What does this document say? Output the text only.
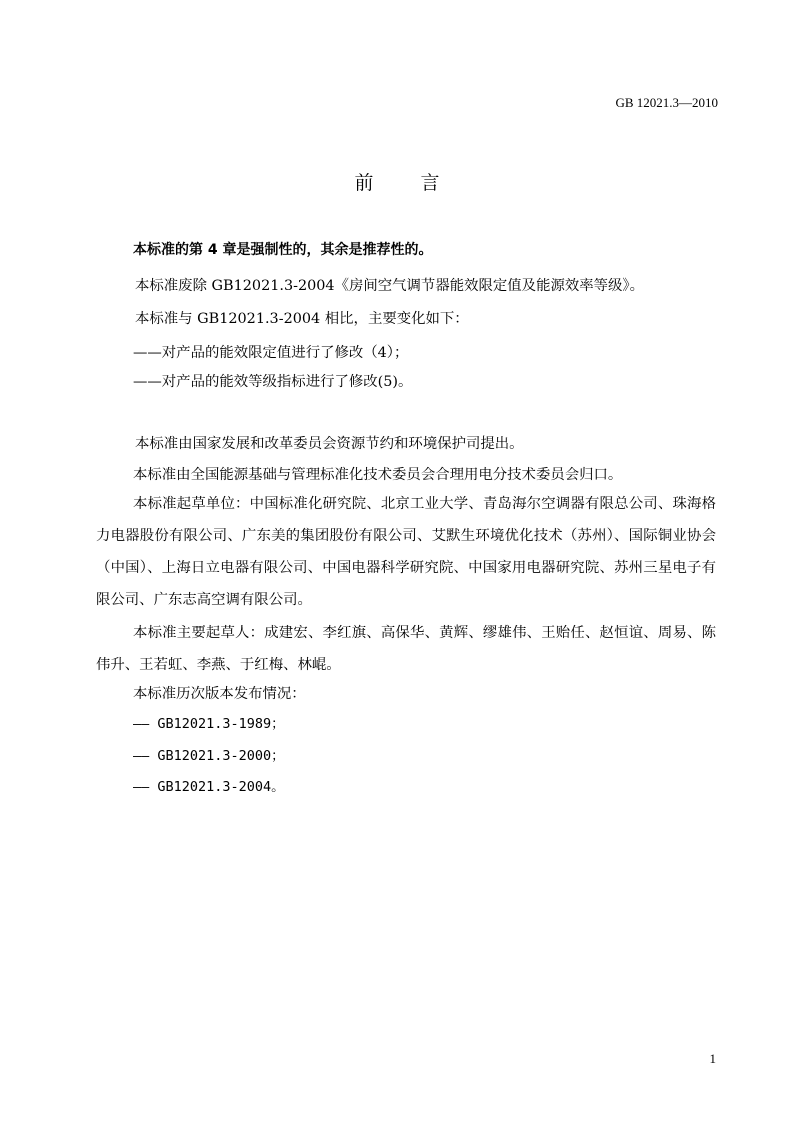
GB 12021.3—2010
前言
本标准的第 4 章是强制性的，其余是推荐性的。
本标准废除 GB12021.3-2004《房间空气调节器能效限定值及能源效率等级》。
本标准与 GB12021.3-2004 相比，主要变化如下：
——对产品的能效限定值进行了修改（4）；
——对产品的能效等级指标进行了修改(5)。
本标准由国家发展和改革委员会资源节约和环境保护司提出。
本标准由全国能源基础与管理标准化技术委员会合理用电分技术委员会归口。
本标准起草单位：中国标准化研究院、北京工业大学、青岛海尔空调器有限总公司、珠海格力电器股份有限公司、广东美的集团股份有限公司、艾默生环境优化技术（苏州）、国际铜业协会（中国）、上海日立电器有限公司、中国电器科学研究院、中国家用电器研究院、苏州三星电子有限公司、广东志高空调有限公司。
本标准主要起草人：成建宏、李红旗、高保华、黄辉、缪雄伟、王贻任、赵恒谊、周易、陈伟升、王若虹、李燕、于红梅、林崐。
本标准历次版本发布情况：
—— GB12021.3-1989；
—— GB12021.3-2000；
—— GB12021.3-2004。
1
